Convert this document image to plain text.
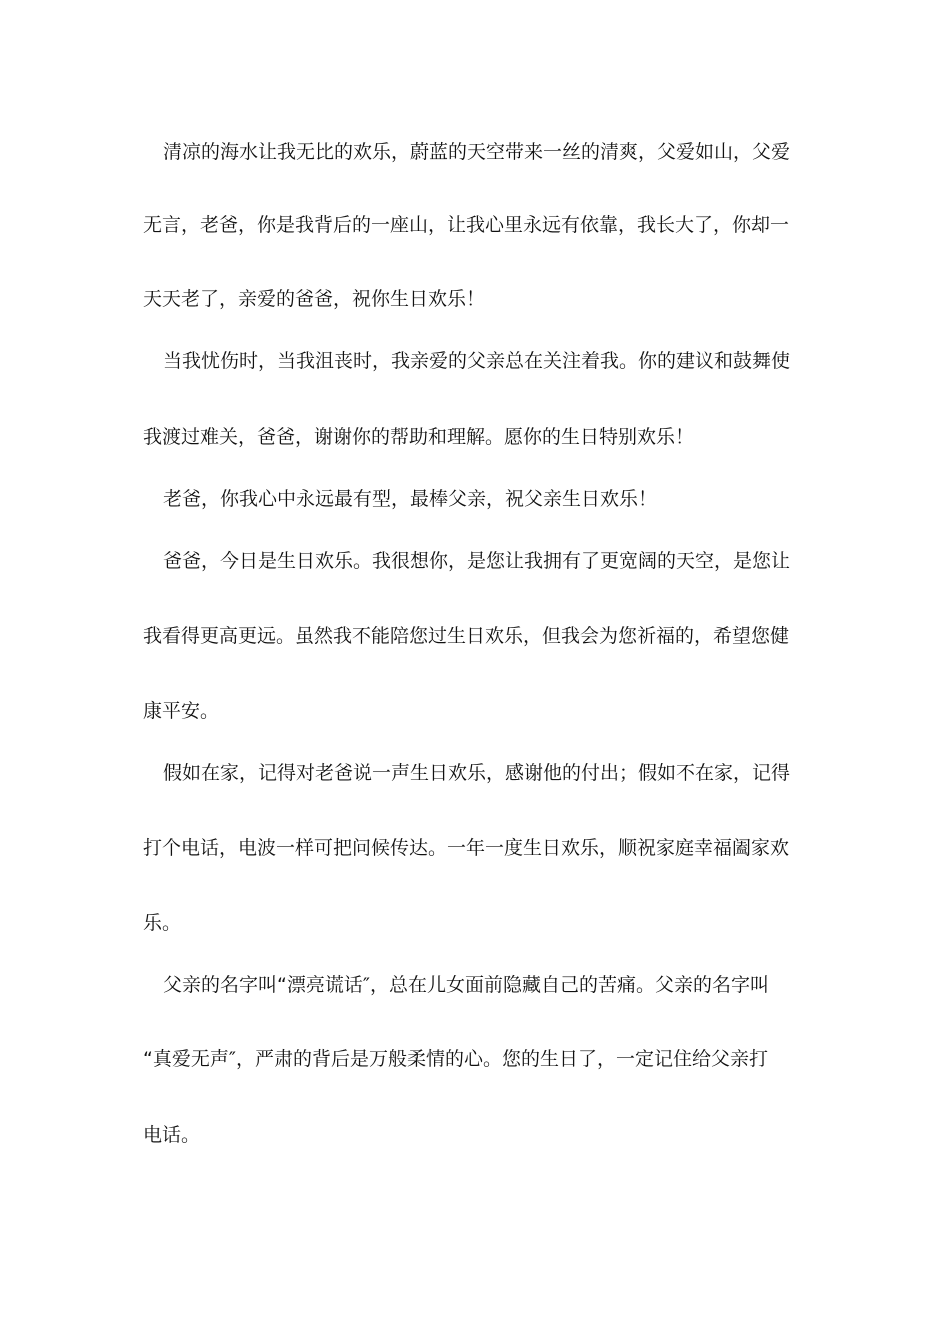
清凉的海水让我无比的欢乐，蔚蓝的天空带来一丝的清爽，父爱如山，父爱
无言，老爸，你是我背后的一座山，让我心里永远有依靠，我长大了，你却一
天天老了，亲爱的爸爸，祝你生日欢乐！
当我忧伤时，当我沮丧时，我亲爱的父亲总在关注着我。你的建议和鼓舞使
我渡过难关，爸爸，谢谢你的帮助和理解。愿你的生日特别欢乐！
老爸，你我心中永远最有型，最棒父亲，祝父亲生日欢乐！
爸爸，今日是生日欢乐。我很想你，是您让我拥有了更宽阔的天空，是您让
我看得更高更远。虽然我不能陪您过生日欢乐，但我会为您祈福的，希望您健
康平安。
假如在家，记得对老爸说一声生日欢乐，感谢他的付出；假如不在家，记得
打个电话，电波一样可把问候传达。一年一度生日欢乐，顺祝家庭幸福阖家欢
乐。
父亲的名字叫“漂亮谎话″，总在儿女面前隐藏自己的苦痛。父亲的名字叫
“真爱无声″，严肃的背后是万般柔情的心。您的生日了，一定记住给父亲打
电话。
